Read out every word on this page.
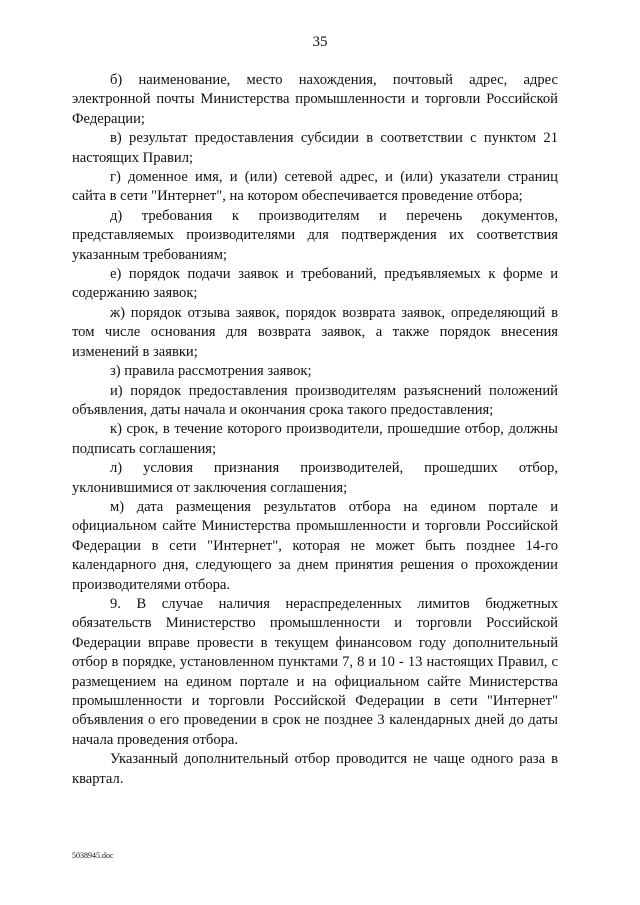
35

б) наименование, место нахождения, почтовый адрес, адрес электронной почты Министерства промышленности и торговли Российской Федерации;

в) результат предоставления субсидии в соответствии с пунктом 21 настоящих Правил;

г) доменное имя, и (или) сетевой адрес, и (или) указатели страниц сайта в сети "Интернет", на котором обеспечивается проведение отбора;

д) требования к производителям и перечень документов, представляемых производителями для подтверждения их соответствия указанным требованиям;

е) порядок подачи заявок и требований, предъявляемых к форме и содержанию заявок;

ж) порядок отзыва заявок, порядок возврата заявок, определяющий в том числе основания для возврата заявок, а также порядок внесения изменений в заявки;

з) правила рассмотрения заявок;

и) порядок предоставления производителям разъяснений положений объявления, даты начала и окончания срока такого предоставления;

к) срок, в течение которого производители, прошедшие отбор, должны подписать соглашения;

л) условия признания производителей, прошедших отбор, уклонившимися от заключения соглашения;

м) дата размещения результатов отбора на едином портале и официальном сайте Министерства промышленности и торговли Российской Федерации в сети "Интернет", которая не может быть позднее 14-го календарного дня, следующего за днем принятия решения о прохождении производителями отбора.

9. В случае наличия нераспределенных лимитов бюджетных обязательств Министерство промышленности и торговли Российской Федерации вправе провести в текущем финансовом году дополнительный отбор в порядке, установленном пунктами 7, 8 и 10 - 13 настоящих Правил, с размещением на едином портале и на официальном сайте Министерства промышленности и торговли Российской Федерации в сети "Интернет" объявления о его проведении в срок не позднее 3 календарных дней до даты начала проведения отбора.

Указанный дополнительный отбор проводится не чаще одного раза в квартал.

5038945.doc
